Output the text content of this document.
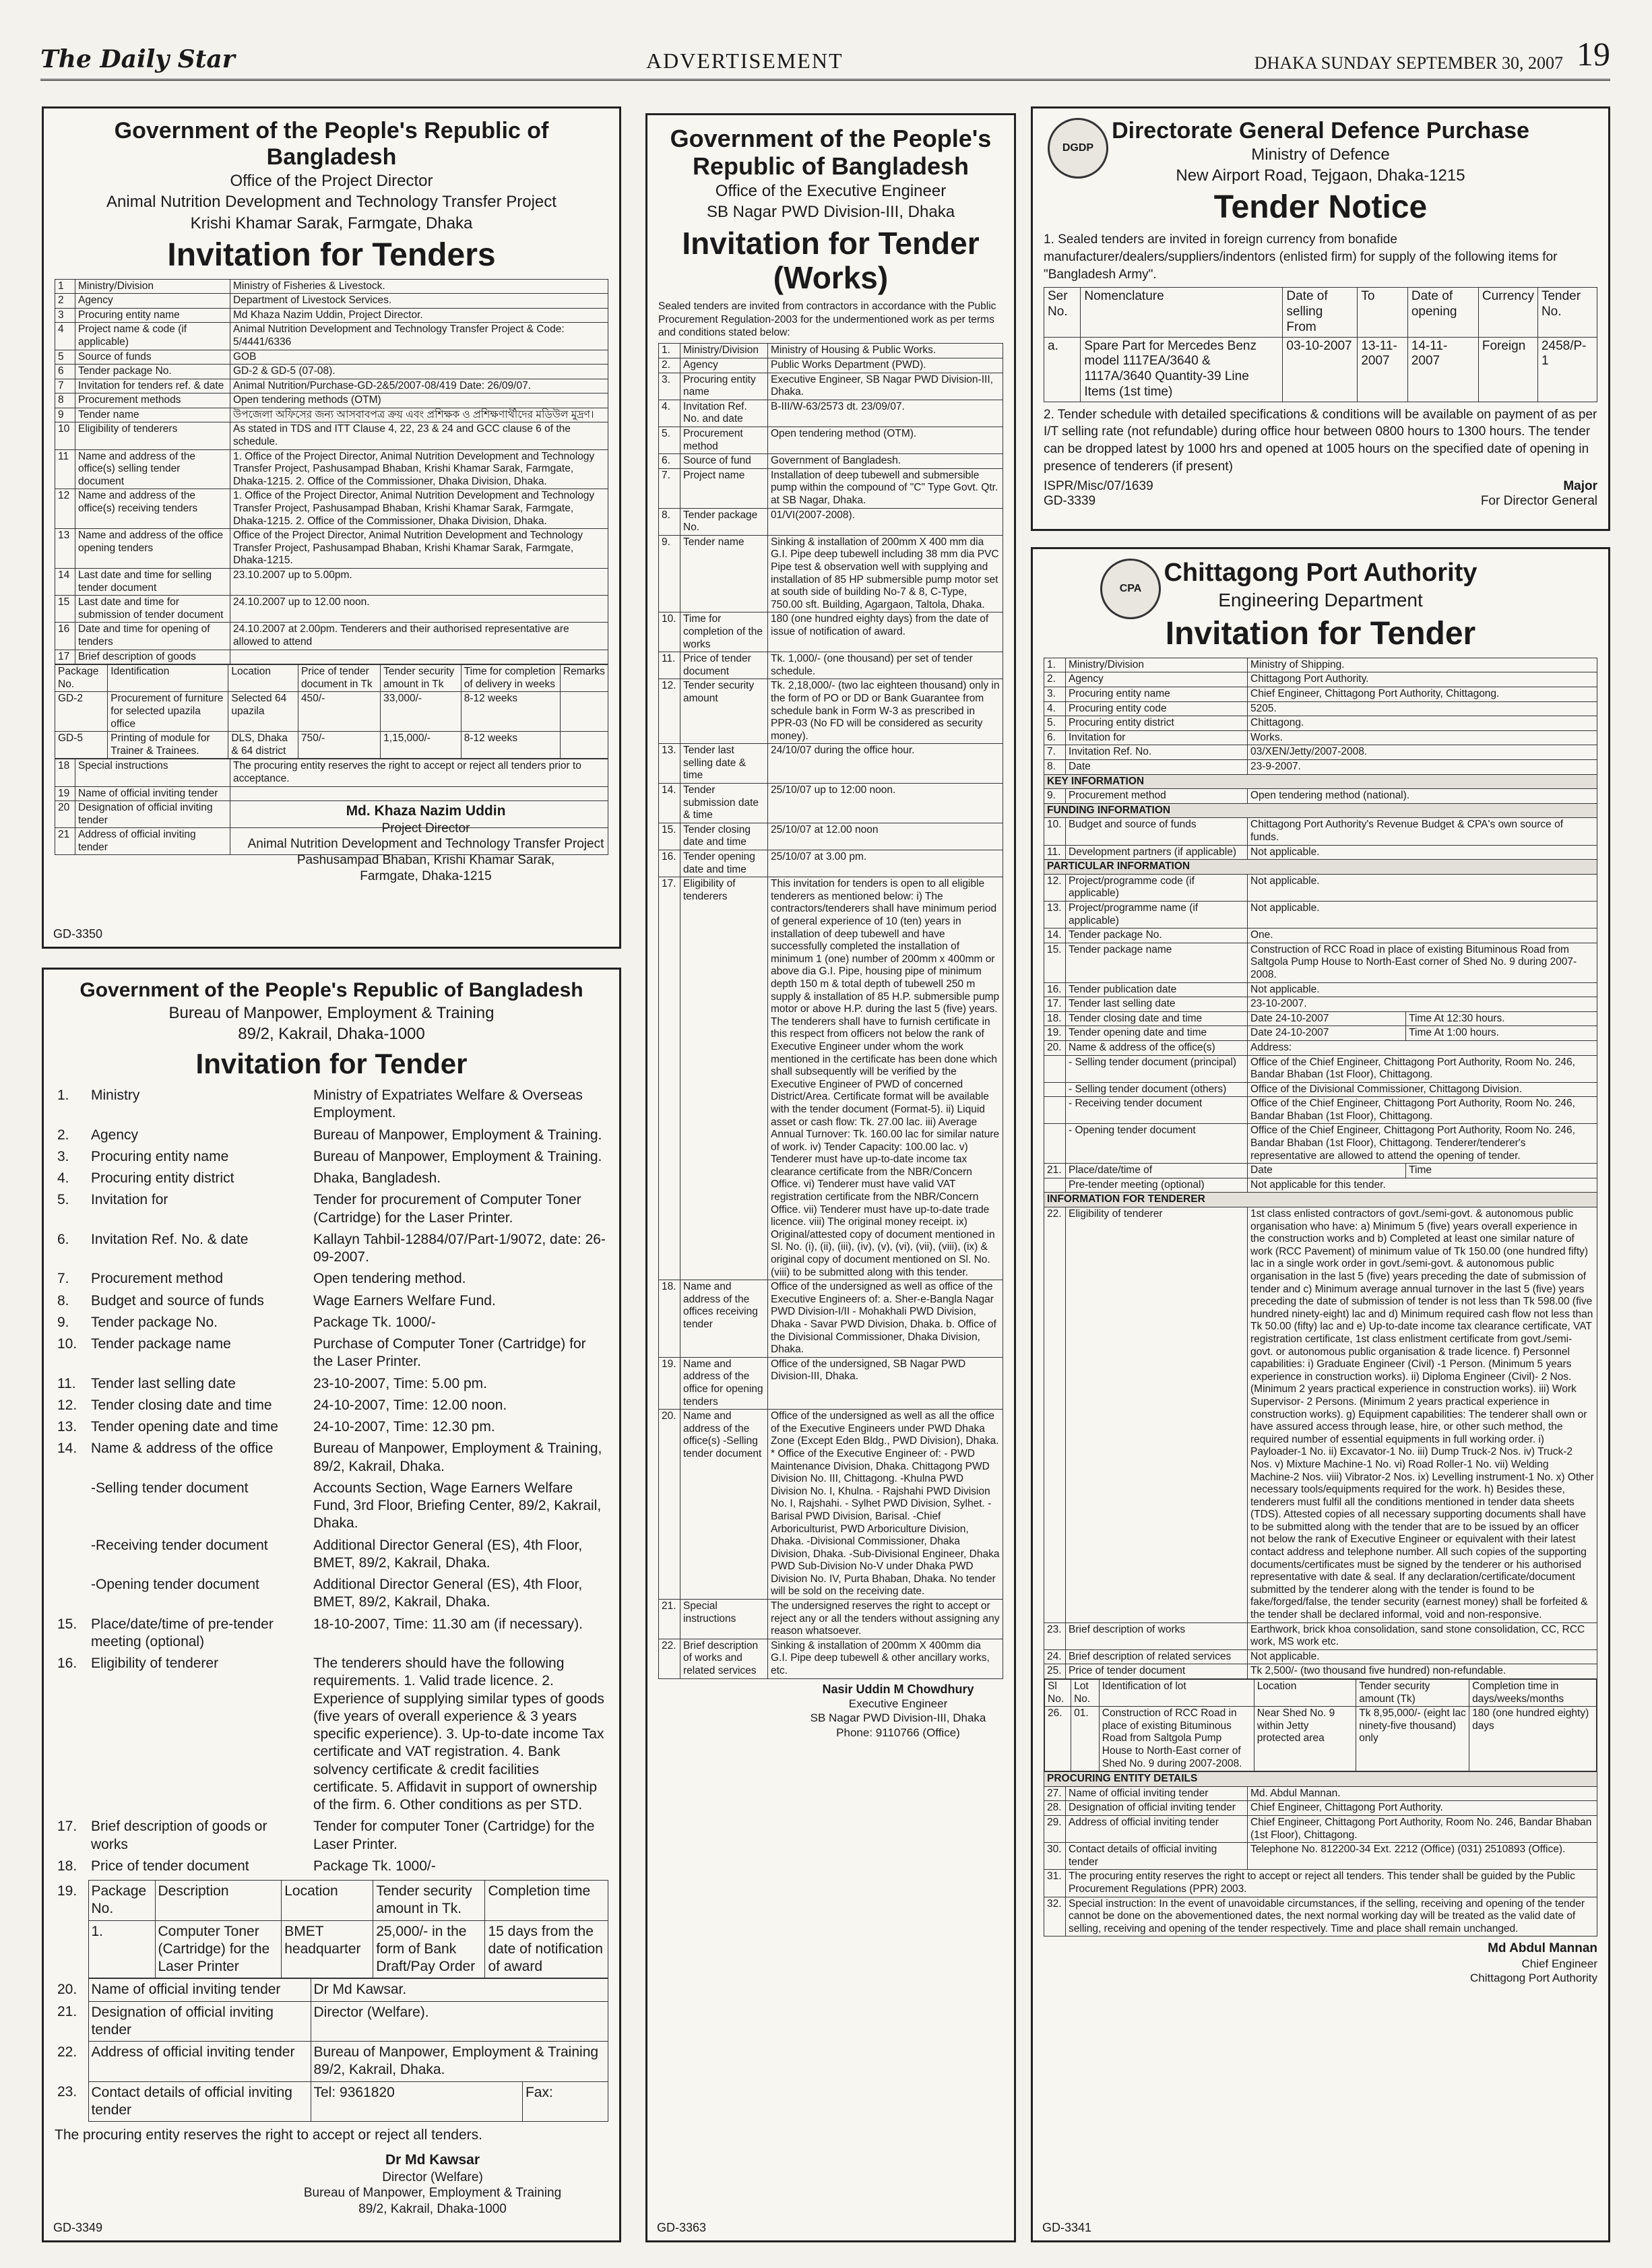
The Daily Star	ADVERTISEMENT	DHAKA SUNDAY SEPTEMBER 30, 2007 19
Government of the People's Republic of Bangladesh
Office of the Project Director
Animal Nutrition Development and Technology Transfer Project
Krishi Khamar Sarak, Farmgate, Dhaka
Invitation for Tenders
1	Ministry/Division	Ministry of Fisheries & Livestock.
2	Agency	Department of Livestock Services.
3	Procuring entity name	Md Khaza Nazim Uddin, Project Director.
4	Project name & code (if applicable)	Animal Nutrition Development and Technology Transfer Project & Code: 5/4441/6336
5	Source of funds	GOB
6	Tender package No.	GD-2 & GD-5 (07-08).
7	Invitation for tenders ref. & date	Animal Nutrition/Purchase-GD-2&5/2007-08/419 Date: 26/09/07.
8	Procurement methods	Open tendering methods (OTM)
9	Tender name	উপজেলা অফিসের জন্য আসবাবপত্র ক্রয় এবং প্রশিক্ষক ও প্রশিক্ষণার্থীদের মডিউল মুদ্রণ।
10	Eligibility of tenderers	As stated in TDS and ITT Clause 4, 22, 23 & 24 and GCC clause 6 of the schedule.
11	Name and address of the office(s) selling tender document	1. Office of the Project Director, Animal Nutrition Development and Technology Transfer Project, Pashusampad Bhaban, Krishi Khamar Sarak, Farmgate, Dhaka-1215. 2. Office of the Commissioner, Dhaka Division, Dhaka.
12	Name and address of the office(s) receiving tenders	1. Office of the Project Director, Animal Nutrition Development and Technology Transfer Project, Pashusampad Bhaban, Krishi Khamar Sarak, Farmgate, Dhaka-1215. 2. Office of the Commissioner, Dhaka Division, Dhaka.
13	Name and address of the office opening tenders	Office of the Project Director, Animal Nutrition Development and Technology Transfer Project, Pashusampad Bhaban, Krishi Khamar Sarak, Farmgate, Dhaka-1215.
14	Last date and time for selling tender document	23.10.2007 up to 5.00pm.
15	Last date and time for submission of tender document	24.10.2007 up to 12.00 noon.
16	Date and time for opening of tenders	24.10.2007 at 2.00pm. Tenderers and their authorised representative are allowed to attend
17	Brief description of goods	
Package No.	Identification	Location	Price of tender document in Tk	Tender security amount in Tk	Time for completion of delivery in weeks	Remarks
GD-2	Procurement of furniture for selected upazila office	Selected 64 upazila	450/-	33,000/-	8-12 weeks	
GD-5	Printing of module for Trainer & Trainees.	DLS, Dhaka & 64 district	750/-	1,15,000/-	8-12 weeks	
18	Special instructions	The procuring entity reserves the right to accept or reject all tenders prior to acceptance.
19	Name of official inviting tender	
20	Designation of official inviting tender	
21	Address of official inviting tender	
Md. Khaza Nazim Uddin
Project Director
Animal Nutrition Development and Technology Transfer Project
Pashusampad Bhaban, Krishi Khamar Sarak,
Farmgate, Dhaka-1215
GD-3350
Government of the People's Republic of Bangladesh
Bureau of Manpower, Employment & Training
89/2, Kakrail, Dhaka-1000
Invitation for Tender
1.	Ministry	Ministry of Expatriates Welfare & Overseas Employment.
2.	Agency	Bureau of Manpower, Employment & Training.
3.	Procuring entity name	Bureau of Manpower, Employment & Training.
4.	Procuring entity district	Dhaka, Bangladesh.
5.	Invitation for	Tender for procurement of Computer Toner (Cartridge) for the Laser Printer.
6.	Invitation Ref. No. & date	Kallayn Tahbil-12884/07/Part-1/9072, date: 26-09-2007.
7.	Procurement method	Open tendering method.
8.	Budget and source of funds	Wage Earners Welfare Fund.
9.	Tender package No.	Package Tk. 1000/-
10.	Tender package name	Purchase of Computer Toner (Cartridge) for the Laser Printer.
11.	Tender last selling date	23-10-2007, Time: 5.00 pm.
12.	Tender closing date and time	24-10-2007, Time: 12.00 noon.
13.	Tender opening date and time	24-10-2007, Time: 12.30 pm.
14.	Name & address of the office	Bureau of Manpower, Employment & Training, 89/2, Kakrail, Dhaka.
	-Selling tender document	Accounts Section, Wage Earners Welfare Fund, 3rd Floor, Briefing Center, 89/2, Kakrail, Dhaka.
	-Receiving tender document	Additional Director General (ES), 4th Floor, BMET, 89/2, Kakrail, Dhaka.
	-Opening tender document	Additional Director General (ES), 4th Floor, BMET, 89/2, Kakrail, Dhaka.
15.	Place/date/time of pre-tender meeting (optional)	18-10-2007, Time: 11.30 am (if necessary).
16.	Eligibility of tenderer	The tenderers should have the following requirements. 1. Valid trade licence. 2. Experience of supplying similar types of goods (five years of overall experience & 3 years specific experience). 3. Up-to-date income Tax certificate and VAT registration. 4. Bank solvency certificate & credit facilities certificate. 5. Affidavit in support of ownership of the firm. 6. Other conditions as per STD.
17.	Brief description of goods or works	Tender for computer Toner (Cartridge) for the Laser Printer.
18.	Price of tender document	Package Tk. 1000/-
19.	Package No.	Description	Location	Tender security amount in Tk.	Completion time
	1.	Computer Toner (Cartridge) for the Laser Printer	BMET headquarter	25,000/- in the form of Bank Draft/Pay Order	15 days from the date of notification of award
20.	Name of official inviting tender	Dr Md Kawsar.	
21.	Designation of official inviting tender	Director (Welfare).	
22.	Address of official inviting tender	Bureau of Manpower, Employment & Training 89/2, Kakrail, Dhaka.	
23.	Contact details of official inviting tender	Tel: 9361820	Fax:
The procuring entity reserves the right to accept or reject all tenders.
Dr Md Kawsar
Director (Welfare)
Bureau of Manpower, Employment & Training
89/2, Kakrail, Dhaka-1000
GD-3349
Government of the People's Republic of Bangladesh
Office of the Executive Engineer
SB Nagar PWD Division-III, Dhaka
Invitation for Tender (Works)
Sealed tenders are invited from contractors in accordance with the Public Procurement Regulation-2003 for the undermentioned work as per terms and conditions stated below:
1.	Ministry/Division	Ministry of Housing & Public Works.
2.	Agency	Public Works Department (PWD).
3.	Procuring entity name	Executive Engineer, SB Nagar PWD Division-III, Dhaka.
4.	Invitation Ref. No. and date	B-III/W-63/2573 dt. 23/09/07.
5.	Procurement method	Open tendering method (OTM).
6.	Source of fund	Government of Bangladesh.
7.	Project name	Installation of deep tubewell and submersible pump within the compound of "C" Type Govt. Qtr. at SB Nagar, Dhaka.
8.	Tender package No.	01/VI(2007-2008).
9.	Tender name	Sinking & installation of 200mm X 400 mm dia G.I. Pipe deep tubewell including 38 mm dia PVC Pipe test & observation well with supplying and installation of 85 HP submersible pump motor set at south side of building No-7 & 8, C-Type, 750.00 sft. Building, Agargaon, Taltola, Dhaka.
10.	Time for completion of the works	180 (one hundred eighty days) from the date of issue of notification of award.
11.	Price of tender document	Tk. 1,000/- (one thousand) per set of tender schedule.
12.	Tender security amount	Tk. 2,18,000/- (two lac eighteen thousand) only in the form of PO or DD or Bank Guarantee from schedule bank in Form W-3 as prescribed in PPR-03 (No FD will be considered as security money).
13.	Tender last selling date & time	24/10/07 during the office hour.
14.	Tender submission date & time	25/10/07 up to 12:00 noon.
15.	Tender closing date and time	25/10/07 at 12.00 noon
16.	Tender opening date and time	25/10/07 at 3.00 pm.
17.	Eligibility of tenderers	This invitation for tenders is open to all eligible tenderers as mentioned below: i) The contractors/tenderers shall have minimum period of general experience of 10 (ten) years in installation of deep tubewell and have successfully completed the installation of minimum 1 (one) number of 200mm x 400mm or above dia G.I. Pipe, housing pipe of minimum depth 150 m & total depth of tubewell 250 m supply & installation of 85 H.P. submersible pump motor or above H.P. during the last 5 (five) years. The tenderers shall have to furnish certificate in this respect from officers not below the rank of Executive Engineer under whom the work mentioned in the certificate has been done which shall subsequently will be verified by the Executive Engineer of PWD of concerned District/Area. Certificate format will be available with the tender document (Format-5). ii) Liquid asset or cash flow: Tk. 27.00 lac. iii) Average Annual Turnover: Tk. 160.00 lac for similar nature of work. iv) Tender Capacity: 100.00 lac. v) Tenderer must have up-to-date income tax clearance certificate from the NBR/Concern Office. vi) Tenderer must have valid VAT registration certificate from the NBR/Concern Office. vii) Tenderer must have up-to-date trade licence. viii) The original money receipt. ix) Original/attested copy of document mentioned in Sl. No. (i), (ii), (iii), (iv), (v), (vi), (vii), (viii), (ix) & original copy of document mentioned on Sl. No. (viii) to be submitted along with this tender.
18.	Name and address of the offices receiving tender	Office of the undersigned as well as office of the Executive Engineers of: a. Sher-e-Bangla Nagar PWD Division-I/II - Mohakhali PWD Division, Dhaka - Savar PWD Division, Dhaka. b. Office of the Divisional Commissioner, Dhaka Division, Dhaka.
19.	Name and address of the office for opening tenders	Office of the undersigned, SB Nagar PWD Division-III, Dhaka.
20.	Name and address of the office(s) -Selling tender document	Office of the undersigned as well as all the office of the Executive Engineers under PWD Dhaka Zone (Except Eden Bldg., PWD Division), Dhaka. * Office of the Executive Engineer of: - PWD Maintenance Division, Dhaka. Chittagong PWD Division No. III, Chittagong. -Khulna PWD Division No. I, Khulna. - Rajshahi PWD Division No. I, Rajshahi. - Sylhet PWD Division, Sylhet. -Barisal PWD Division, Barisal. -Chief Arboriculturist, PWD Arboriculture Division, Dhaka. -Divisional Commissioner, Dhaka Division, Dhaka. -Sub-Divisional Engineer, Dhaka PWD Sub-Division No-V under Dhaka PWD Division No. IV, Purta Bhaban, Dhaka. No tender will be sold on the receiving date.
21.	Special instructions	The undersigned reserves the right to accept or reject any or all the tenders without assigning any reason whatsoever.
22.	Brief description of works and related services	Sinking & installation of 200mm X 400mm dia G.I. Pipe deep tubewell & other ancillary works, etc.
Nasir Uddin M Chowdhury
Executive Engineer
SB Nagar PWD Division-III, Dhaka
Phone: 9110766 (Office)
GD-3363
DGDP
Directorate General Defence Purchase
Ministry of Defence
New Airport Road, Tejgaon, Dhaka-1215
Tender Notice
1. Sealed tenders are invited in foreign currency from bonafide manufacturer/dealers/suppliers/indentors (enlisted firm) for supply of the following items for "Bangladesh Army".
Ser No.	Nomenclature	Date of selling From	To	Date of opening	Currency	Tender No.
a.	Spare Part for Mercedes Benz model 1117EA/3640 & 1117A/3640 Quantity-39 Line Items (1st time)	03-10-2007	13-11-2007	14-11-2007	Foreign	2458/P-1
2. Tender schedule with detailed specifications & conditions will be available on payment of as per I/T selling rate (not refundable) during office hour between 0800 hours to 1300 hours. The tender can be dropped latest by 1000 hrs and opened at 1005 hours on the specified date of opening in presence of tenderers (if present)
ISPR/Misc/07/1639
GD-3339
Major
For Director General
CPA
Chittagong Port Authority
Engineering Department
Invitation for Tender
1.	Ministry/Division	Ministry of Shipping.
2.	Agency	Chittagong Port Authority.
3.	Procuring entity name	Chief Engineer, Chittagong Port Authority, Chittagong.
4.	Procuring entity code	5205.
5.	Procuring entity district	Chittagong.
6.	Invitation for	Works.
7.	Invitation Ref. No.	03/XEN/Jetty/2007-2008.
8.	Date	23-9-2007.
KEY INFORMATION
9.	Procurement method	Open tendering method (national).
FUNDING INFORMATION
10.	Budget and source of funds	Chittagong Port Authority's Revenue Budget & CPA's own source of funds.
11.	Development partners (if applicable)	Not applicable.
PARTICULAR INFORMATION
12.	Project/programme code (if applicable)	Not applicable.
13.	Project/programme name (if applicable)	Not applicable.
14.	Tender package No.	One.
15.	Tender package name	Construction of RCC Road in place of existing Bituminous Road from Saltgola Pump House to North-East corner of Shed No. 9 during 2007-2008.
16.	Tender publication date	Not applicable.
17.	Tender last selling date	23-10-2007.
18.	Tender closing date and time	Date 24-10-2007	Time At 12:30 hours.
19.	Tender opening date and time	Date 24-10-2007	Time At 1:00 hours.
20.	Name & address of the office(s)	Address:
	- Selling tender document (principal)	Office of the Chief Engineer, Chittagong Port Authority, Room No. 246, Bandar Bhaban (1st Floor), Chittagong.
	- Selling tender document (others)	Office of the Divisional Commissioner, Chittagong Division.
	- Receiving tender document	Office of the Chief Engineer, Chittagong Port Authority, Room No. 246, Bandar Bhaban (1st Floor), Chittagong.
	- Opening tender document	Office of the Chief Engineer, Chittagong Port Authority, Room No. 246, Bandar Bhaban (1st Floor), Chittagong. Tenderer/tenderer's representative are allowed to attend the opening of tender.
21.	Place/date/time of	Date	Time
	Pre-tender meeting (optional)	Not applicable for this tender.
INFORMATION FOR TENDERER
22.	Eligibility of tenderer	1st class enlisted contractors of govt./semi-govt. & autonomous public organisation who have: a) Minimum 5 (five) years overall experience in the construction works and b) Completed at least one similar nature of work (RCC Pavement) of minimum value of Tk 150.00 (one hundred fifty) lac in a single work order in govt./semi-govt. & autonomous public organisation in the last 5 (five) years preceding the date of submission of tender and c) Minimum average annual turnover in the last 5 (five) years preceding the date of submission of tender is not less than Tk 598.00 (five hundred ninety-eight) lac and d) Minimum required cash flow not less than Tk 50.00 (fifty) lac and e) Up-to-date income tax clearance certificate, VAT registration certificate, 1st class enlistment certificate from govt./semi-govt. or autonomous public organisation & trade licence. f) Personnel capabilities: i) Graduate Engineer (Civil) -1 Person. (Minimum 5 years experience in construction works). ii) Diploma Engineer (Civil)- 2 Nos. (Minimum 2 years practical experience in construction works). iii) Work Supervisor- 2 Persons. (Minimum 2 years practical experience in construction works). g) Equipment capabilities: The tenderer shall own or have assured access through lease, hire, or other such method, the required number of essential equipments in full working order. i) Payloader-1 No. ii) Excavator-1 No. iii) Dump Truck-2 Nos. iv) Truck-2 Nos. v) Mixture Machine-1 No. vi) Road Roller-1 No. vii) Welding Machine-2 Nos. viii) Vibrator-2 Nos. ix) Levelling instrument-1 No. x) Other necessary tools/equipments required for the work. h) Besides these, tenderers must fulfil all the conditions mentioned in tender data sheets (TDS). Attested copies of all necessary supporting documents shall have to be submitted along with the tender that are to be issued by an officer not below the rank of Executive Engineer or equivalent with their latest contact address and telephone number. All such copies of the supporting documents/certificates must be signed by the tenderer or his authorised representative with date & seal. If any declaration/certificate/document submitted by the tenderer along with the tender is found to be fake/forged/false, the tender security (earnest money) shall be forfeited & the tender shall be declared informal, void and non-responsive.
23.	Brief description of works	Earthwork, brick khoa consolidation, sand stone consolidation, CC, RCC work, MS work etc.
24.	Brief description of related services	Not applicable.
25.	Price of tender document	Tk 2,500/- (two thousand five hundred) non-refundable.

Sl No.	Lot No.	Identification of lot	Location	Tender security amount (Tk)	Completion time in days/weeks/months
26.	01.	Construction of RCC Road in place of existing Bituminous Road from Saltgola Pump House to North-East corner of Shed No. 9 during 2007-2008.	Near Shed No. 9 within Jetty protected area	Tk 8,95,000/- (eight lac ninety-five thousand) only	180 (one hundred eighty) days

PROCURING ENTITY DETAILS
27.	Name of official inviting tender	Md. Abdul Mannan.
28.	Designation of official inviting tender	Chief Engineer, Chittagong Port Authority.
29.	Address of official inviting tender	Chief Engineer, Chittagong Port Authority, Room No. 246, Bandar Bhaban (1st Floor), Chittagong.
30.	Contact details of official inviting tender	Telephone No. 812200-34 Ext. 2212 (Office) (031) 2510893 (Office).
31.	The procuring entity reserves the right to accept or reject all tenders. This tender shall be guided by the Public Procurement Regulations (PPR) 2003.
32.	Special instruction: In the event of unavoidable circumstances, if the selling, receiving and opening of the tender cannot be done on the abovementioned dates, the next normal working day will be treated as the valid date of selling, receiving and opening of the tender respectively. Time and place shall remain unchanged.
Md Abdul Mannan
Chief Engineer
Chittagong Port Authority
GD-3341
